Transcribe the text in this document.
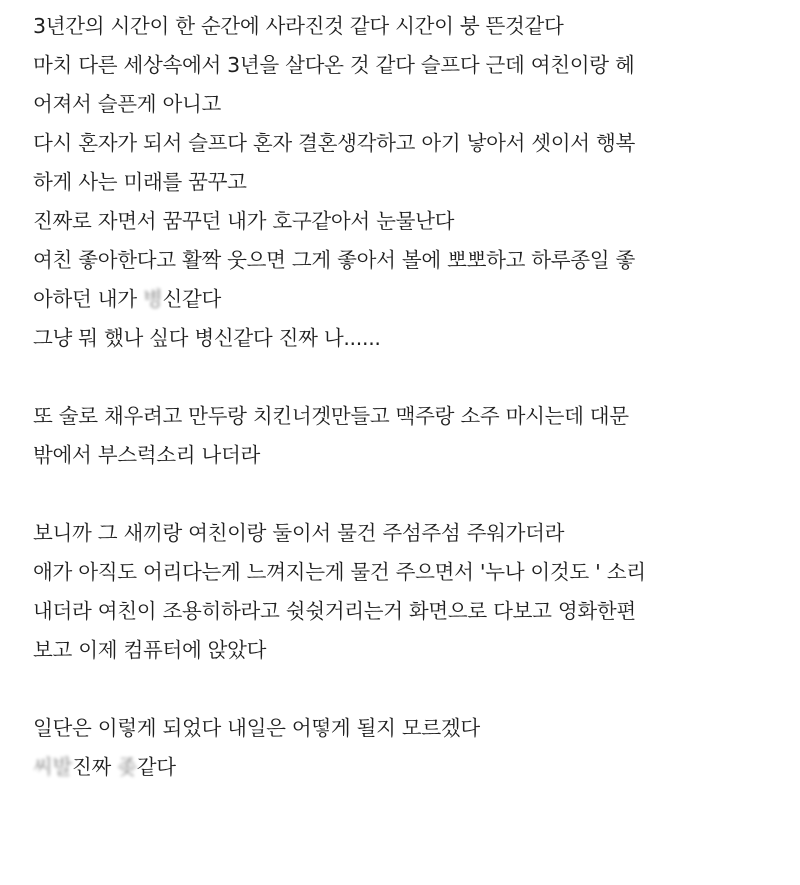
3년간의 시간이 한 순간에 사라진것 같다 시간이 붕 뜬것같다
마치 다른 세상속에서 3년을 살다온 것 같다 슬프다 근데 여친이랑 헤
어져서 슬픈게 아니고
다시 혼자가 되서 슬프다 혼자 결혼생각하고 아기 낳아서 셋이서 행복
하게 사는 미래를 꿈꾸고
진짜로 자면서 꿈꾸던 내가 호구같아서 눈물난다
여친 좋아한다고 활짝 웃으면 그게 좋아서 볼에 뽀뽀하고 하루종일 좋
아하던 내가 병신같다
그냥 뭐 했나 싶다 병신같다 진짜 나......
또 술로 채우려고 만두랑 치킨너겟만들고 맥주랑 소주 마시는데 대문
밖에서 부스럭소리 나더라
보니까 그 새끼랑 여친이랑 둘이서 물건 주섬주섬 주워가더라
애가 아직도 어리다는게 느껴지는게 물건 주으면서 '누나 이것도 ' 소리
내더라 여친이 조용히하라고 쉿쉿거리는거 화면으로 다보고 영화한편
보고 이제 컴퓨터에 앉았다
일단은 이렇게 되었다 내일은 어떻게 될지 모르겠다
씨발진짜 좆같다
